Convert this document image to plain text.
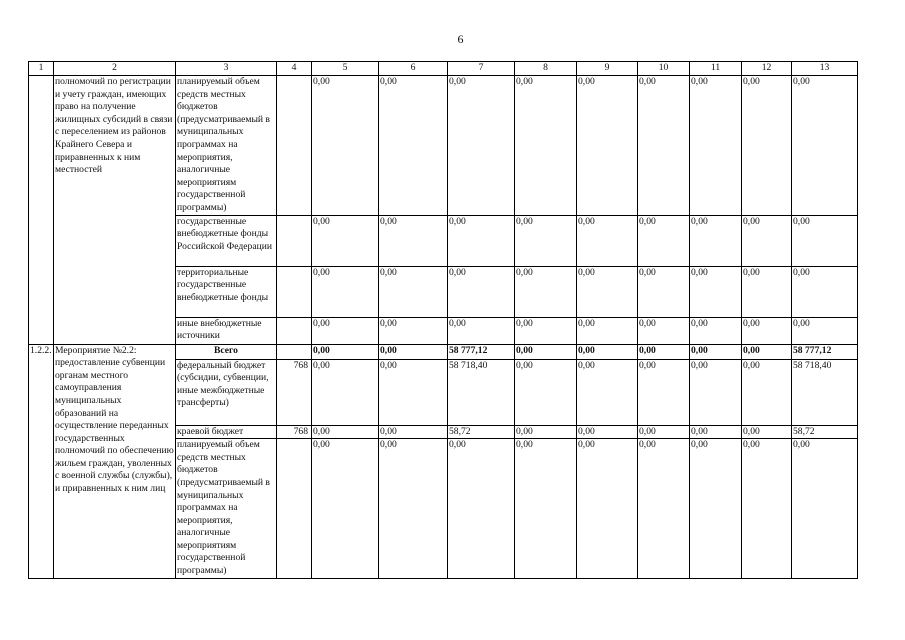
6
1	2	3	4	5	6	7	8	9	10	11	12	13
	полномочий по регистрации и учету граждан, имеющих право на получение жилищных субсидий в связи с переселением из районов Крайнего Севера и приравненных к ним местностей	планируемый объем средств местных бюджетов (предусматриваемый в муниципальных программах на мероприятия, аналогичные мероприятиям государственной программы)		0,00	0,00	0,00	0,00	0,00	0,00	0,00	0,00	0,00
		государственные внебюджетные фонды Российской Федерации		0,00	0,00	0,00	0,00	0,00	0,00	0,00	0,00	0,00
		территориальные государственные внебюджетные фонды		0,00	0,00	0,00	0,00	0,00	0,00	0,00	0,00	0,00
		иные внебюджетные источники		0,00	0,00	0,00	0,00	0,00	0,00	0,00	0,00	0,00
1.2.2.	Мероприятие №2.2: предоставление субвенции органам местного самоуправления муниципальных образований на осуществление переданных государственных полномочий по обеспечению жильем граждан, уволенных с военной службы (службы), и приравненных к ним лиц	Всего		0,00	0,00	58 777,12	0,00	0,00	0,00	0,00	0,00	58 777,12
		федеральный бюджет (субсидии, субвенции, иные межбюджетные трансферты)	768	0,00	0,00	58 718,40	0,00	0,00	0,00	0,00	0,00	58 718,40
		краевой бюджет	768	0,00	0,00	58,72	0,00	0,00	0,00	0,00	0,00	58,72
		планируемый объем средств местных бюджетов (предусматриваемый в муниципальных программах на мероприятия, аналогичные мероприятиям государственной программы)		0,00	0,00	0,00	0,00	0,00	0,00	0,00	0,00	0,00
